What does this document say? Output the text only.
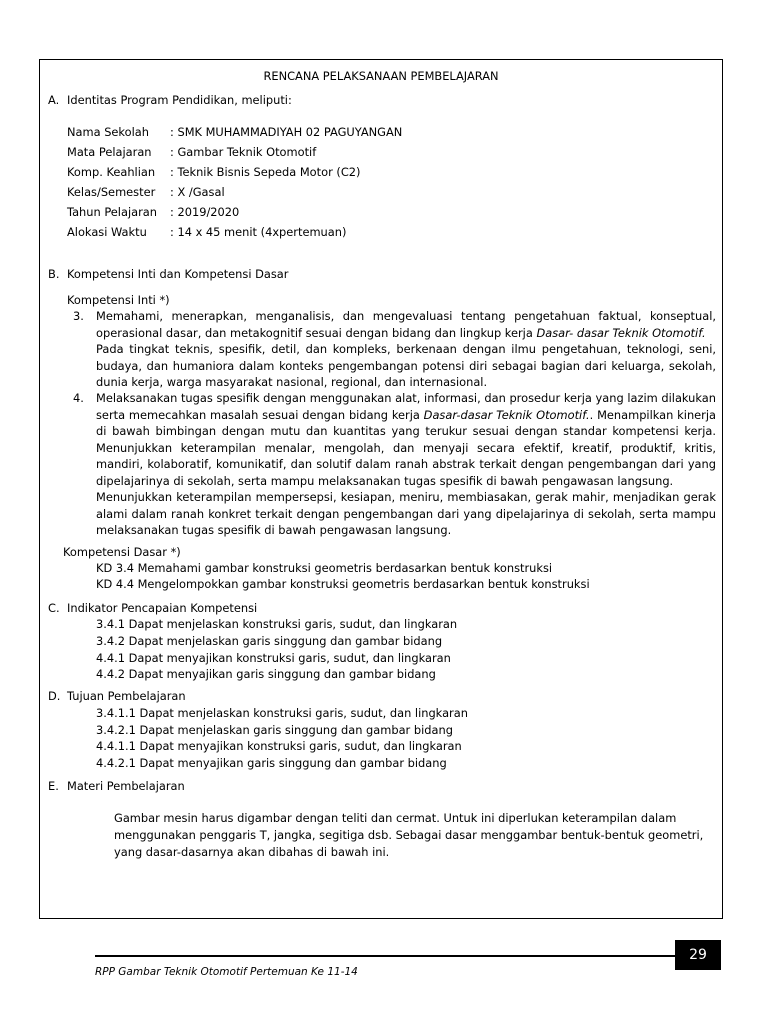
RENCANA PELAKSANAAN PEMBELAJARAN
A. Identitas Program Pendidikan, meliputi:
Nama Sekolah : SMK MUHAMMADIYAH 02 PAGUYANGAN
Mata Pelajaran : Gambar Teknik Otomotif
Komp. Keahlian : Teknik Bisnis Sepeda Motor (C2)
Kelas/Semester : X /Gasal
Tahun Pelajaran : 2019/2020
Alokasi Waktu : 14 x 45 menit (4xpertemuan)
B. Kompetensi Inti dan Kompetensi Dasar
Kompetensi Inti *)
3. Memahami, menerapkan, menganalisis, dan mengevaluasi tentang pengetahuan faktual, konseptual,
operasional dasar, dan metakognitif sesuai dengan bidang dan lingkup kerja Dasar- dasar Teknik Otomotif.
Pada tingkat teknis, spesifik, detil, dan kompleks, berkenaan dengan ilmu pengetahuan, teknologi, seni,
budaya, dan humaniora dalam konteks pengembangan potensi diri sebagai bagian dari keluarga, sekolah,
dunia kerja, warga masyarakat nasional, regional, dan internasional.
4. Melaksanakan tugas spesifik dengan menggunakan alat, informasi, dan prosedur kerja yang lazim dilakukan
serta memecahkan masalah sesuai dengan bidang kerja Dasar-dasar Teknik Otomotif.. Menampilkan kinerja
di bawah bimbingan dengan mutu dan kuantitas yang terukur sesuai dengan standar kompetensi kerja.
Menunjukkan keterampilan menalar, mengolah, dan menyaji secara efektif, kreatif, produktif, kritis,
mandiri, kolaboratif, komunikatif, dan solutif dalam ranah abstrak terkait dengan pengembangan dari yang
dipelajarinya di sekolah, serta mampu melaksanakan tugas spesifik di bawah pengawasan langsung.
Menunjukkan keterampilan mempersepsi, kesiapan, meniru, membiasakan, gerak mahir, menjadikan gerak
alami dalam ranah konkret terkait dengan pengembangan dari yang dipelajarinya di sekolah, serta mampu
melaksanakan tugas spesifik di bawah pengawasan langsung.
Kompetensi Dasar *)
KD 3.4 Memahami gambar konstruksi geometris berdasarkan bentuk konstruksi
KD 4.4 Mengelompokkan gambar konstruksi geometris berdasarkan bentuk konstruksi
C. Indikator Pencapaian Kompetensi
3.4.1 Dapat menjelaskan konstruksi garis, sudut, dan lingkaran
3.4.2 Dapat menjelaskan garis singgung dan gambar bidang
4.4.1 Dapat menyajikan konstruksi garis, sudut, dan lingkaran
4.4.2 Dapat menyajikan garis singgung dan gambar bidang
D. Tujuan Pembelajaran
3.4.1.1 Dapat menjelaskan konstruksi garis, sudut, dan lingkaran
3.4.2.1 Dapat menjelaskan garis singgung dan gambar bidang
4.4.1.1 Dapat menyajikan konstruksi garis, sudut, dan lingkaran
4.4.2.1 Dapat menyajikan garis singgung dan gambar bidang
E. Materi Pembelajaran
Gambar mesin harus digambar dengan teliti dan cermat. Untuk ini diperlukan keterampilan dalam
menggunakan penggaris T, jangka, segitiga dsb. Sebagai dasar menggambar bentuk-bentuk geometri,
yang dasar-dasarnya akan dibahas di bawah ini.
29
RPP Gambar Teknik Otomotif Pertemuan Ke 11-14
